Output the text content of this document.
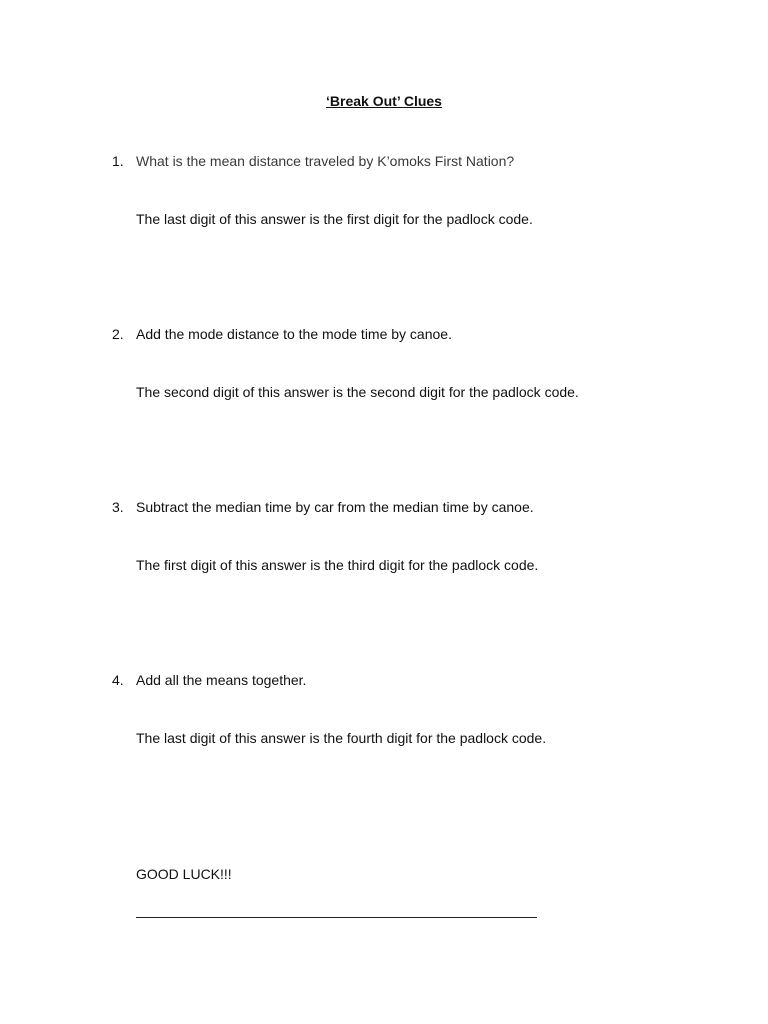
‘Break Out’ Clues
1. What is the mean distance traveled by K’omoks First Nation?
The last digit of this answer is the first digit for the padlock code.
2. Add the mode distance to the mode time by canoe.
The second digit of this answer is the second digit for the padlock code.
3. Subtract the median time by car from the median time by canoe.
The first digit of this answer is the third digit for the padlock code.
4. Add all the means together.
The last digit of this answer is the fourth digit for the padlock code.
GOOD LUCK!!!
